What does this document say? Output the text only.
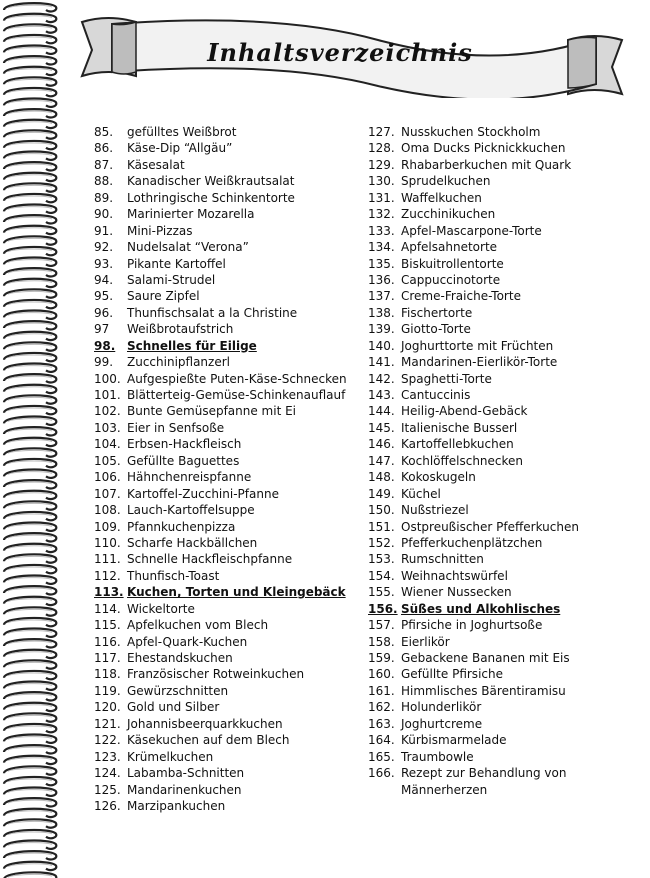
Inhaltsverzeichnis
85.	gefülltes Weißbrot
86.	Käse-Dip “Allgäu”
87.	Käsesalat
88.	Kanadischer Weißkrautsalat
89.	Lothringische Schinkentorte
90.	Marinierter Mozarella
91.	Mini-Pizzas
92.	Nudelsalat “Verona”
93.	Pikante Kartoffel
94.	Salami-Strudel
95.	Saure Zipfel
96.	Thunfischsalat a la Christine
97	Weißbrotaufstrich
98. Schnelles für Eilige
99.	Zucchinipflanzerl
100. Aufgespießte Puten-Käse-Schnecken
101. Blätterteig-Gemüse-Schinkenauflauf
102. Bunte Gemüsepfanne mit Ei
103. Eier in Senfsoße
104. Erbsen-Hackfleisch
105. Gefüllte Baguettes
106. Hähnchenreispfanne
107. Kartoffel-Zucchini-Pfanne
108. Lauch-Kartoffelsuppe
109. Pfannkuchenpizza
110. Scharfe Hackbällchen
111. Schnelle Hackfleischpfanne
112. Thunfisch-Toast
113. Kuchen, Torten und Kleingebäck
114. Wickeltorte
115. Apfelkuchen vom Blech
116. Apfel-Quark-Kuchen
117. Ehestandskuchen
118. Französischer Rotweinkuchen
119. Gewürzschnitten
120. Gold und Silber
121. Johannisbeerquarkkuchen
122. Käsekuchen auf dem Blech
123. Krümelkuchen
124. Labamba-Schnitten
125. Mandarinenkuchen
126. Marzipankuchen
127. Nusskuchen Stockholm
128. Oma Ducks Picknickkuchen
129. Rhabarberkuchen mit Quark
130. Sprudelkuchen
131. Waffelkuchen
132. Zucchinikuchen
133. Apfel-Mascarpone-Torte
134. Apfelsahnetorte
135. Biskuitrollentorte
136. Cappuccinotorte
137. Creme-Fraiche-Torte
138. Fischertorte
139. Giotto-Torte
140. Joghurttorte mit Früchten
141. Mandarinen-Eierlikör-Torte
142. Spaghetti-Torte
143. Cantuccinis
144. Heilig-Abend-Gebäck
145. Italienische Busserl
146. Kartoffellebkuchen
147. Kochlöffelschnecken
148. Kokoskugeln
149. Küchel
150. Nußstriezel
151. Ostpreußischer Pfefferkuchen
152. Pfefferkuchenplätzchen
153. Rumschnitten
154. Weihnachtswürfel
155. Wiener Nussecken
156. Süßes und Alkohlisches
157. Pfirsiche in Joghurtsoße
158. Eierlikör
159. Gebackene Bananen mit Eis
160. Gefüllte Pfirsiche
161. Himmlisches Bärentiramisu
162. Holunderlikör
163. Joghurtcreme
164. Kürbismarmelade
165. Traumbowle
166. Rezept zur Behandlung von
Männerherzen
